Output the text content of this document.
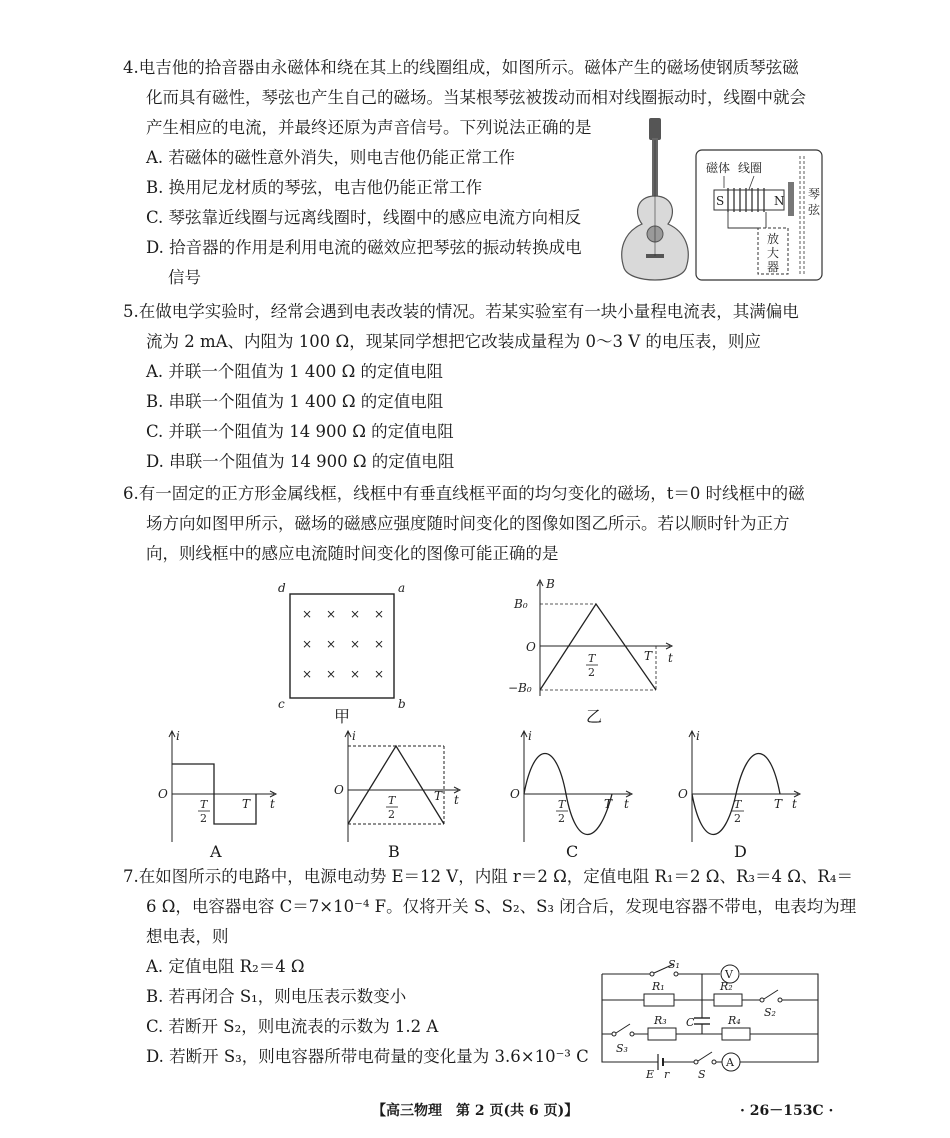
4.电吉他的拾音器由永磁体和绕在其上的线圈组成，如图所示。磁体产生的磁场使钢质琴弦磁
化而具有磁性，琴弦也产生自己的磁场。当某根琴弦被拨动而相对线圈振动时，线圈中就会
产生相应的电流，并最终还原为声音信号。下列说法正确的是
A. 若磁体的磁性意外消失，则电吉他仍能正常工作
B. 换用尼龙材质的琴弦，电吉他仍能正常工作
C. 琴弦靠近线圈与远离线圈时，线圈中的感应电流方向相反
D. 拾音器的作用是利用电流的磁效应把琴弦的振动转换成电
信号
磁体 线圈
S	N 琴
弦
放
大
器
5.在做电学实验时，经常会遇到电表改装的情况。若某实验室有一块小量程电流表，其满偏电
流为 2 mA、内阻为 100 Ω，现某同学想把它改装成量程为 0～3 V 的电压表，则应
A. 并联一个阻值为 1 400 Ω 的定值电阻
B. 串联一个阻值为 1 400 Ω 的定值电阻
C. 并联一个阻值为 14 900 Ω 的定值电阻
D. 串联一个阻值为 14 900 Ω 的定值电阻
6.有一固定的正方形金属线框，线框中有垂直线框平面的均匀变化的磁场，t＝0 时线框中的磁
场方向如图甲所示，磁场的磁感应强度随时间变化的图像如图乙所示。若以顺时针为正方
向，则线框中的感应电流随时间变化的图像可能正确的是
d	a
b
c
× × × ×
× × × ×
× × × ×
甲
B
B₀
−B₀
O
t
T
T
2
乙
i
O
t
T
T
2
A
i
O
t
T
T
2
B
i
O
t
T
T
2
C
i
O
t
T
T
2
D
7.在如图所示的电路中，电源电动势 E＝12 V，内阻 r＝2 Ω，定值电阻 R₁＝2 Ω、R₃＝4 Ω、R₄＝
6 Ω，电容器电容 C＝7×10⁻⁴ F。仅将开关 S、S₂、S₃ 闭合后，发现电容器不带电，电表均为理
想电表，则
A. 定值电阻 R₂＝4 Ω
B. 若再闭合 S₁，则电压表示数变小
C. 若断开 S₂，则电流表的示数为 1.2 A
D. 若断开 S₃，则电容器所带电荷量的变化量为 3.6×10⁻³ C
S₁
V
R₁	R₂
S₂
C
S₃
R₃	R₄
E r	S
A
【高三物理　第 2 页(共 6 页)】	· 26－153C ·
